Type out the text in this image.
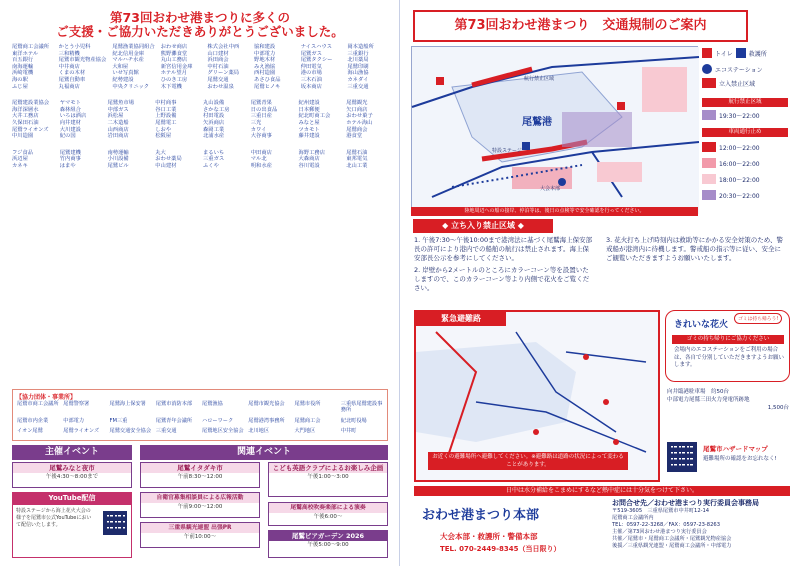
第73回おわせ港まつりに多くの
ご支援・ご協力いただきありがとうございました。
尾鷲商工会議所	かとう小児科	尾鷲漁業協同組合 おわせ商店	株式会社中西	協和建設	ナイスハウス	岡本造船所
東洋ホテル	三和精機	紀北信用金庫	熊野灘食堂	山口建材	中部電力	尾鷲ガス	三重銀行
百五銀行	尾鷲市観光物産協会 マルハチ水産	丸山工務店	浜田商会	野地木材	尾鷲タクシー	北川薬局
南海運輸	中井商店	大和屋	新宮信用金庫	中村石油	みえ漁協	仲田電気	尾鷲印刷
浜崎電機	くまの木材	いせ写真館	ホテル望月	グリーン薬局	西村造園	港の市場	海山漁協
海の駅	尾鷲自動車	紀勢建設	ひのき工房	尾鷲交通	あさひ食品	三木石油	カネダイ
ふじ屋	丸福商店	中央クリニック	木下電機	おわせ温泉	尾鷲ヒノキ	坂本商店	三重交通
尾鷲建設業協会	ヤマモト	尾鷲魚市場	中村商事	丸山設備	尾鷲青果	紀州建設	尾鷲観光
海洋深層水	森林組合	中部ガス	谷口工業	さかな工房	日の出食品	日本郵便	矢口商店
大井工務店	いろは酒店	浜松屋	上野設備	村田電設	三重日産	紀北町商工会	おわせ菓子
久保田石油	向井建材	二木造船	尾鷲電工	矢浜商店	三光	みなと屋	ホテル海山
尾鷲ライオンズ	大川建設	山西商店	しおや	森岡工業	カワイ	ツカモト	尾鷲商会
中川造園	紀の国	岩田商店	松阪屋	北浦水産	大谷商事	藤井建設	港食堂
フジ食品	尾鷲建機	南勢運輸	丸大	まるいち	中田商店	海野工務店	尾鷲石油
浜辺屋	竹内商事	小川設備	おわせ薬局	三重ガス	マル北	大森商店	東邦電気
カネキ	はまや	尾鷲ビル	中山建材	ふくや	明和水産	谷川電設	北山工業
【協力団体・事業所】
尾鷲市商工会議所 尾鷲警察署	尾鷲海上保安署	尾鷲市消防本部	尾鷲漁協	尾鷲市観光協会	尾鷲市役所	三重県尾鷲建設事務所
尾鷲市内企業	中部電力	FM三重	尾鷲青年会議所	ハローワーク	尾鷲港湾事務所	尾鷲商工会	紀北町役場
イオン尾鷲	尾鷲ライオンズ	尾鷲交通安全協会 三重交通	尾鷲地区安全協会 北川地区	大門地区	中井町
主催イベント	関連イベント
尾鷲みなと夜市
午後4:30〜8:00まで
YouTube配信
特設ステージから海上花火大会の様子を尾鷲市公式YouTubeにおいて配信いたします。
尾鷲イタダキ市
午前8:30〜12:00
こども英語クラブによるお楽しみ企画
午後1:00〜3:00
自衛官募集相談員による広報活動
午前9:00〜12:00	尾鷲高校吹奏楽部による演奏
午後6:00〜
三重県観光連盟 出張PR
午前10:00〜	尾鷲ビアガーデン 2026
午後5:00〜9:00
第73回おわせ港まつり　交通規制のご案内
尾鷲港
航行禁止区域
大会本部
特設ステージ
トイレ	救護所
エコステーション
立入禁止区域
航行禁止区域
19:30〜22:00
車両通行止め
12:00〜22:00
16:00〜22:00
18:00〜22:00
20:30〜22:00
陸地周辺への船の接岸、停泊等は、後日の点検等で安全確認を行ってください。
◆ 立ち入り禁止区域 ◆

1. 午後7:30〜午後10:00まで港湾法に基づく尾鷲海上保安部長の許可により港内での船舶の航行は禁止されます。海上保安部長公示を参考にしてください。

2. 岸壁から2メートルのところにカラーコーン等を設置いたしますので、このカラーコーン等より内側で花火をご覧ください。

3. 花火打ち上げ時刻内は救助等にかかる安全対策のため、警戒船が港湾内に待機します。警戒船の指示等に従い、安全にご観覧いただきますようお願いいたします。

緊急避難路
お近くの避難場所へ避難してください。※避難路は道路の状況によって変わることがあります。
きれいな花火
ゴミは持ち帰ろう!
ゴミの持ち帰りにご協力ください
会場内のエコステーションをご利用の場合は、各自で分別していただきますようお願いします。
向井臨港駐車場　約50台
中部電力尾鷲三田火力発電所跡地
1,500台
尾鷲市ハザードマップ
避難場所の確認をお忘れなく!
日中は水分補給をこまめにするなど熱中症には十分気をつけて下さい。
おわせ港まつり本部
大会本部・救護所・警備本部
TEL. 070-2449-8345（当日限り）
お問合せ先／おわせ港まつり実行委員会事務局
〒519-3605　三重県尾鷲市中井町12-14
尾鷲商工会議所内
TEL：0597-22-3268／FAX：0597-23-8263
主催／第73回おわせ港まつり実行委員会
共催／尾鷲市・尾鷲商工会議所・尾鷲観光物産協会
後援／三重県観光連盟・尾鷲商工会議所・中部電力
